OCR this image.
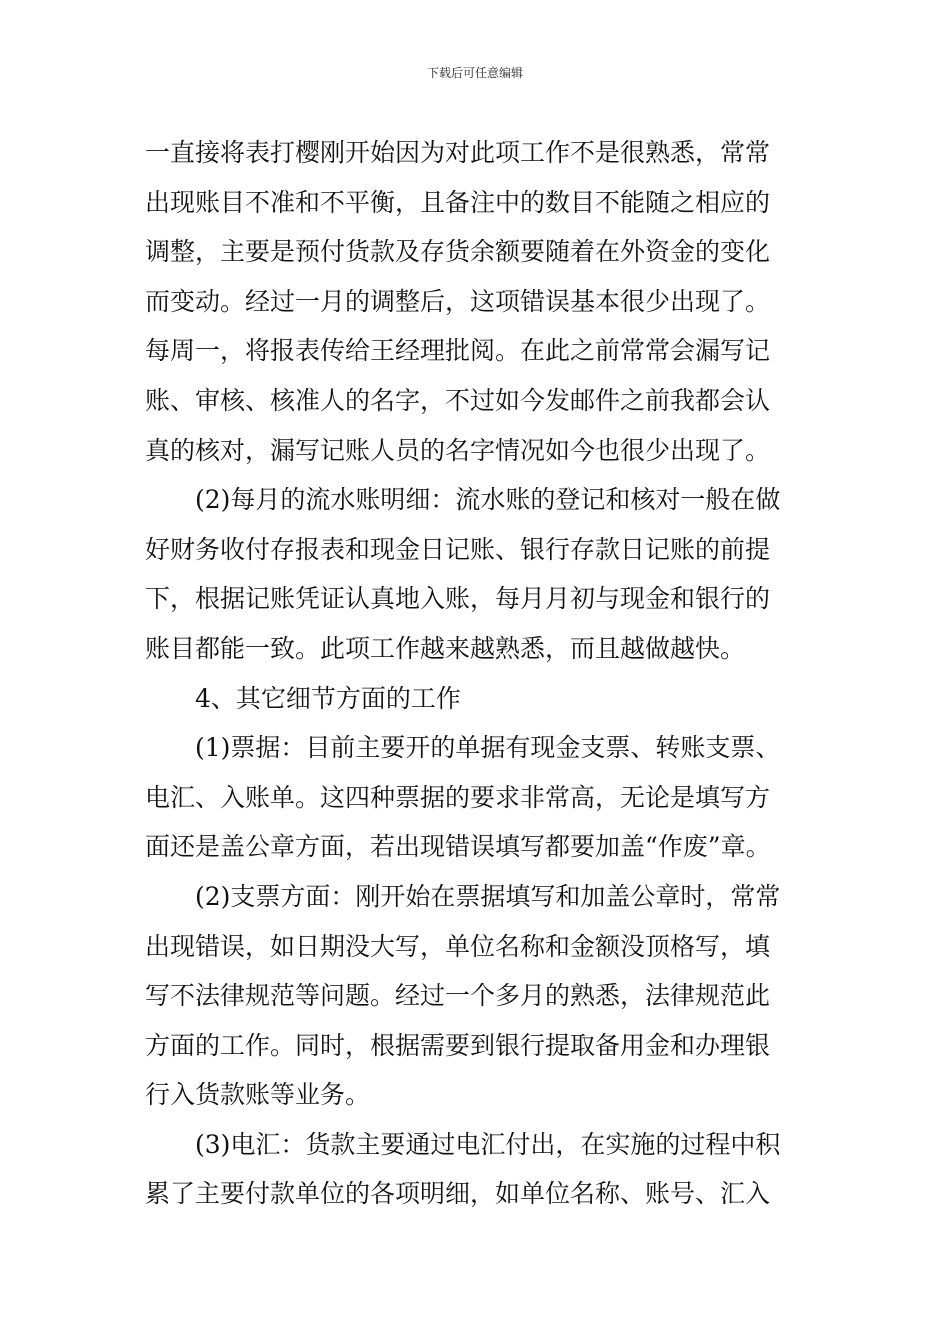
下载后可任意编辑
一直接将表打樱刚开始因为对此项工作不是很熟悉，常常
出现账目不准和不平衡，且备注中的数目不能随之相应的
调整，主要是预付货款及存货余额要随着在外资金的变化
而变动。经过一月的调整后，这项错误基本很少出现了。
每周一，将报表传给王经理批阅。在此之前常常会漏写记
账、审核、核准人的名字，不过如今发邮件之前我都会认
真的核对，漏写记账人员的名字情况如今也很少出现了。
(2)每月的流水账明细：流水账的登记和核对一般在做
好财务收付存报表和现金日记账、银行存款日记账的前提
下，根据记账凭证认真地入账，每月月初与现金和银行的
账目都能一致。此项工作越来越熟悉，而且越做越快。
4、其它细节方面的工作
(1)票据：目前主要开的单据有现金支票、转账支票、
电汇、入账单。这四种票据的要求非常高，无论是填写方
面还是盖公章方面，若出现错误填写都要加盖“作废”章。
(2)支票方面：刚开始在票据填写和加盖公章时，常常
出现错误，如日期没大写，单位名称和金额没顶格写，填
写不法律规范等问题。经过一个多月的熟悉，法律规范此
方面的工作。同时，根据需要到银行提取备用金和办理银
行入货款账等业务。
(3)电汇：货款主要通过电汇付出，在实施的过程中积
累了主要付款单位的各项明细，如单位名称、账号、汇入
